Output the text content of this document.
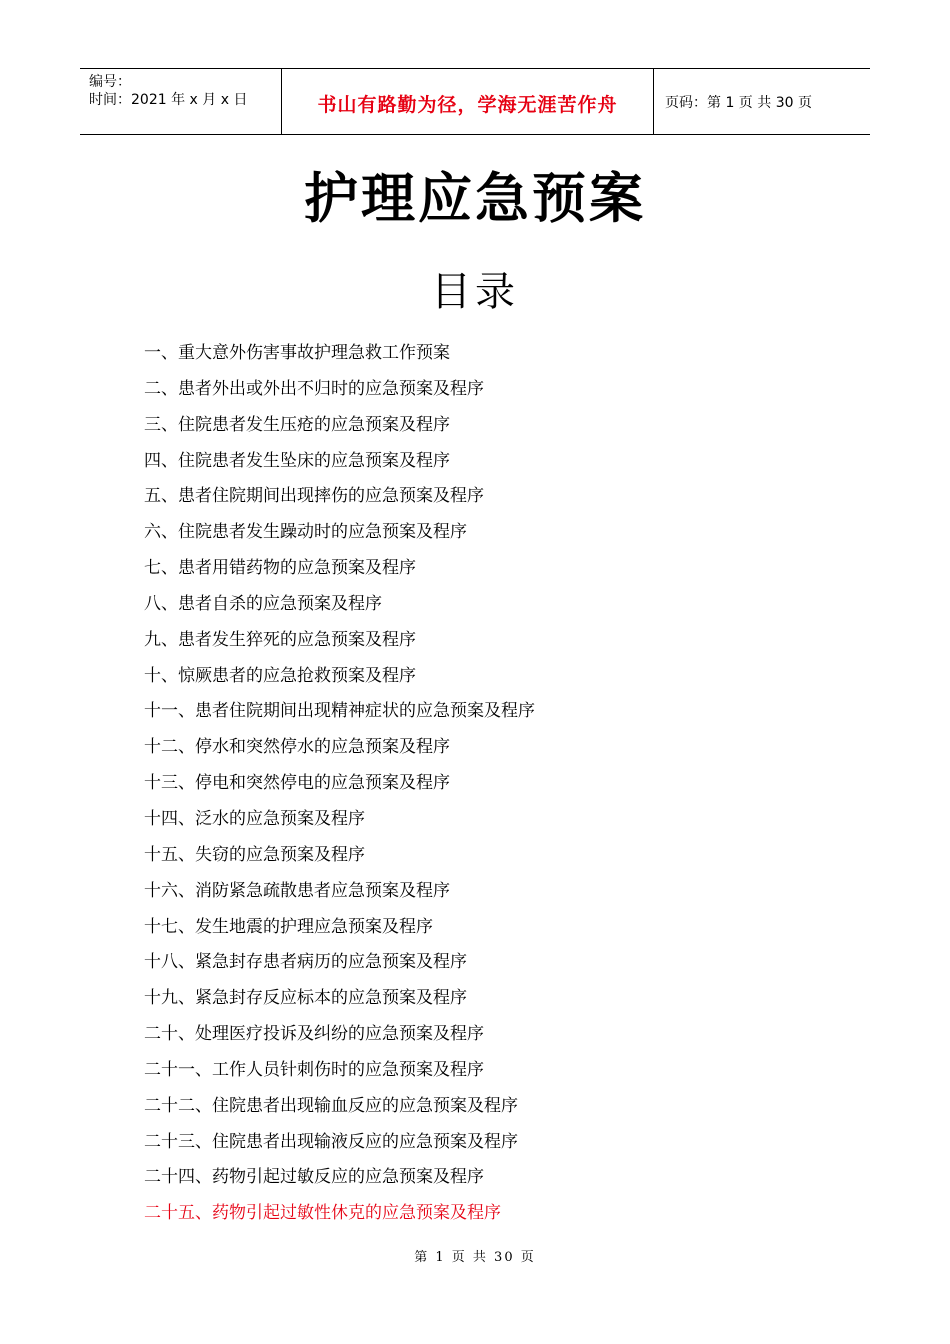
编号：
时间：2021 年 x 月 x 日	书山有路勤为径，学海无涯苦作舟	页码：第 1 页 共 30 页
护理应急预案
目录
一、重大意外伤害事故护理急救工作预案
二、患者外出或外出不归时的应急预案及程序
三、住院患者发生压疮的应急预案及程序
四、住院患者发生坠床的应急预案及程序
五、患者住院期间出现摔伤的应急预案及程序
六、住院患者发生躁动时的应急预案及程序
七、患者用错药物的应急预案及程序
八、患者自杀的应急预案及程序
九、患者发生猝死的应急预案及程序
十、惊厥患者的应急抢救预案及程序
十一、患者住院期间出现精神症状的应急预案及程序
十二、停水和突然停水的应急预案及程序
十三、停电和突然停电的应急预案及程序
十四、泛水的应急预案及程序
十五、失窃的应急预案及程序
十六、消防紧急疏散患者应急预案及程序
十七、发生地震的护理应急预案及程序
十八、紧急封存患者病历的应急预案及程序
十九、紧急封存反应标本的应急预案及程序
二十、处理医疗投诉及纠纷的应急预案及程序
二十一、工作人员针刺伤时的应急预案及程序
二十二、住院患者出现输血反应的应急预案及程序
二十三、住院患者出现输液反应的应急预案及程序
二十四、药物引起过敏反应的应急预案及程序
二十五、药物引起过敏性休克的应急预案及程序
第 1 页 共 30 页
